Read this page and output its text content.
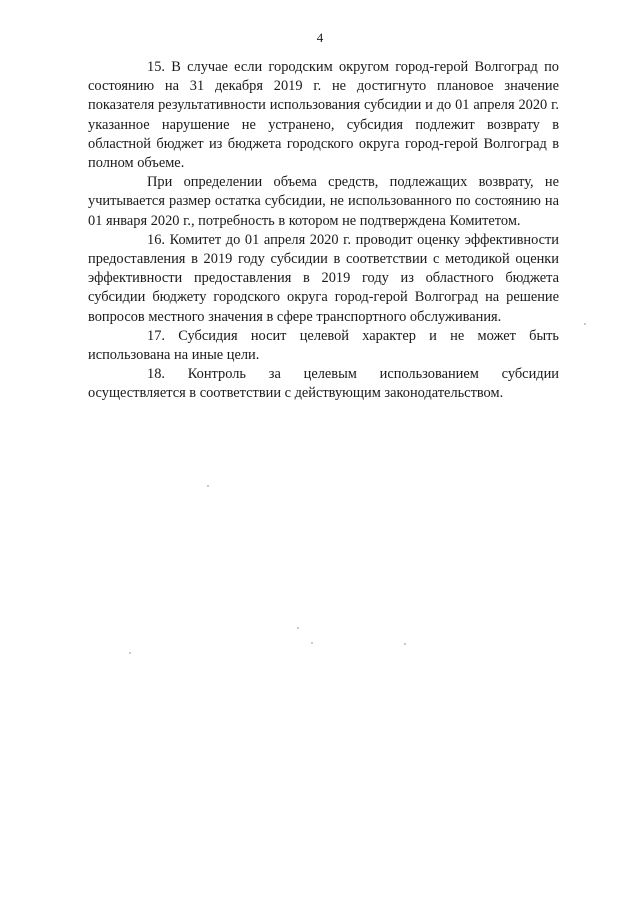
4

15. В случае если городским округом город-герой Волгоград по состоянию на 31 декабря 2019 г. не достигнуто плановое значение показателя результативности использования субсидии и до 01 апреля 2020 г. указанное нарушение не устранено, субсидия подлежит возврату в областной бюджет из бюджета городского округа город-герой Волгоград в полном объеме.

При определении объема средств, подлежащих возврату, не учитывается размер остатка субсидии, не использованного по состоянию на 01 января 2020 г., потребность в котором не подтверждена Комитетом.

16. Комитет до 01 апреля 2020 г. проводит оценку эффективности предоставления в 2019 году субсидии в соответствии с методикой оценки эффективности предоставления в 2019 году из областного бюджета субсидии бюджету городского округа город-герой Волгоград на решение вопросов местного значения в сфере транспортного обслуживания.

17. Субсидия носит целевой характер и не может быть использована на иные цели.

18. Контроль за целевым использованием субсидии осуществляется в соответствии с действующим законодательством.
